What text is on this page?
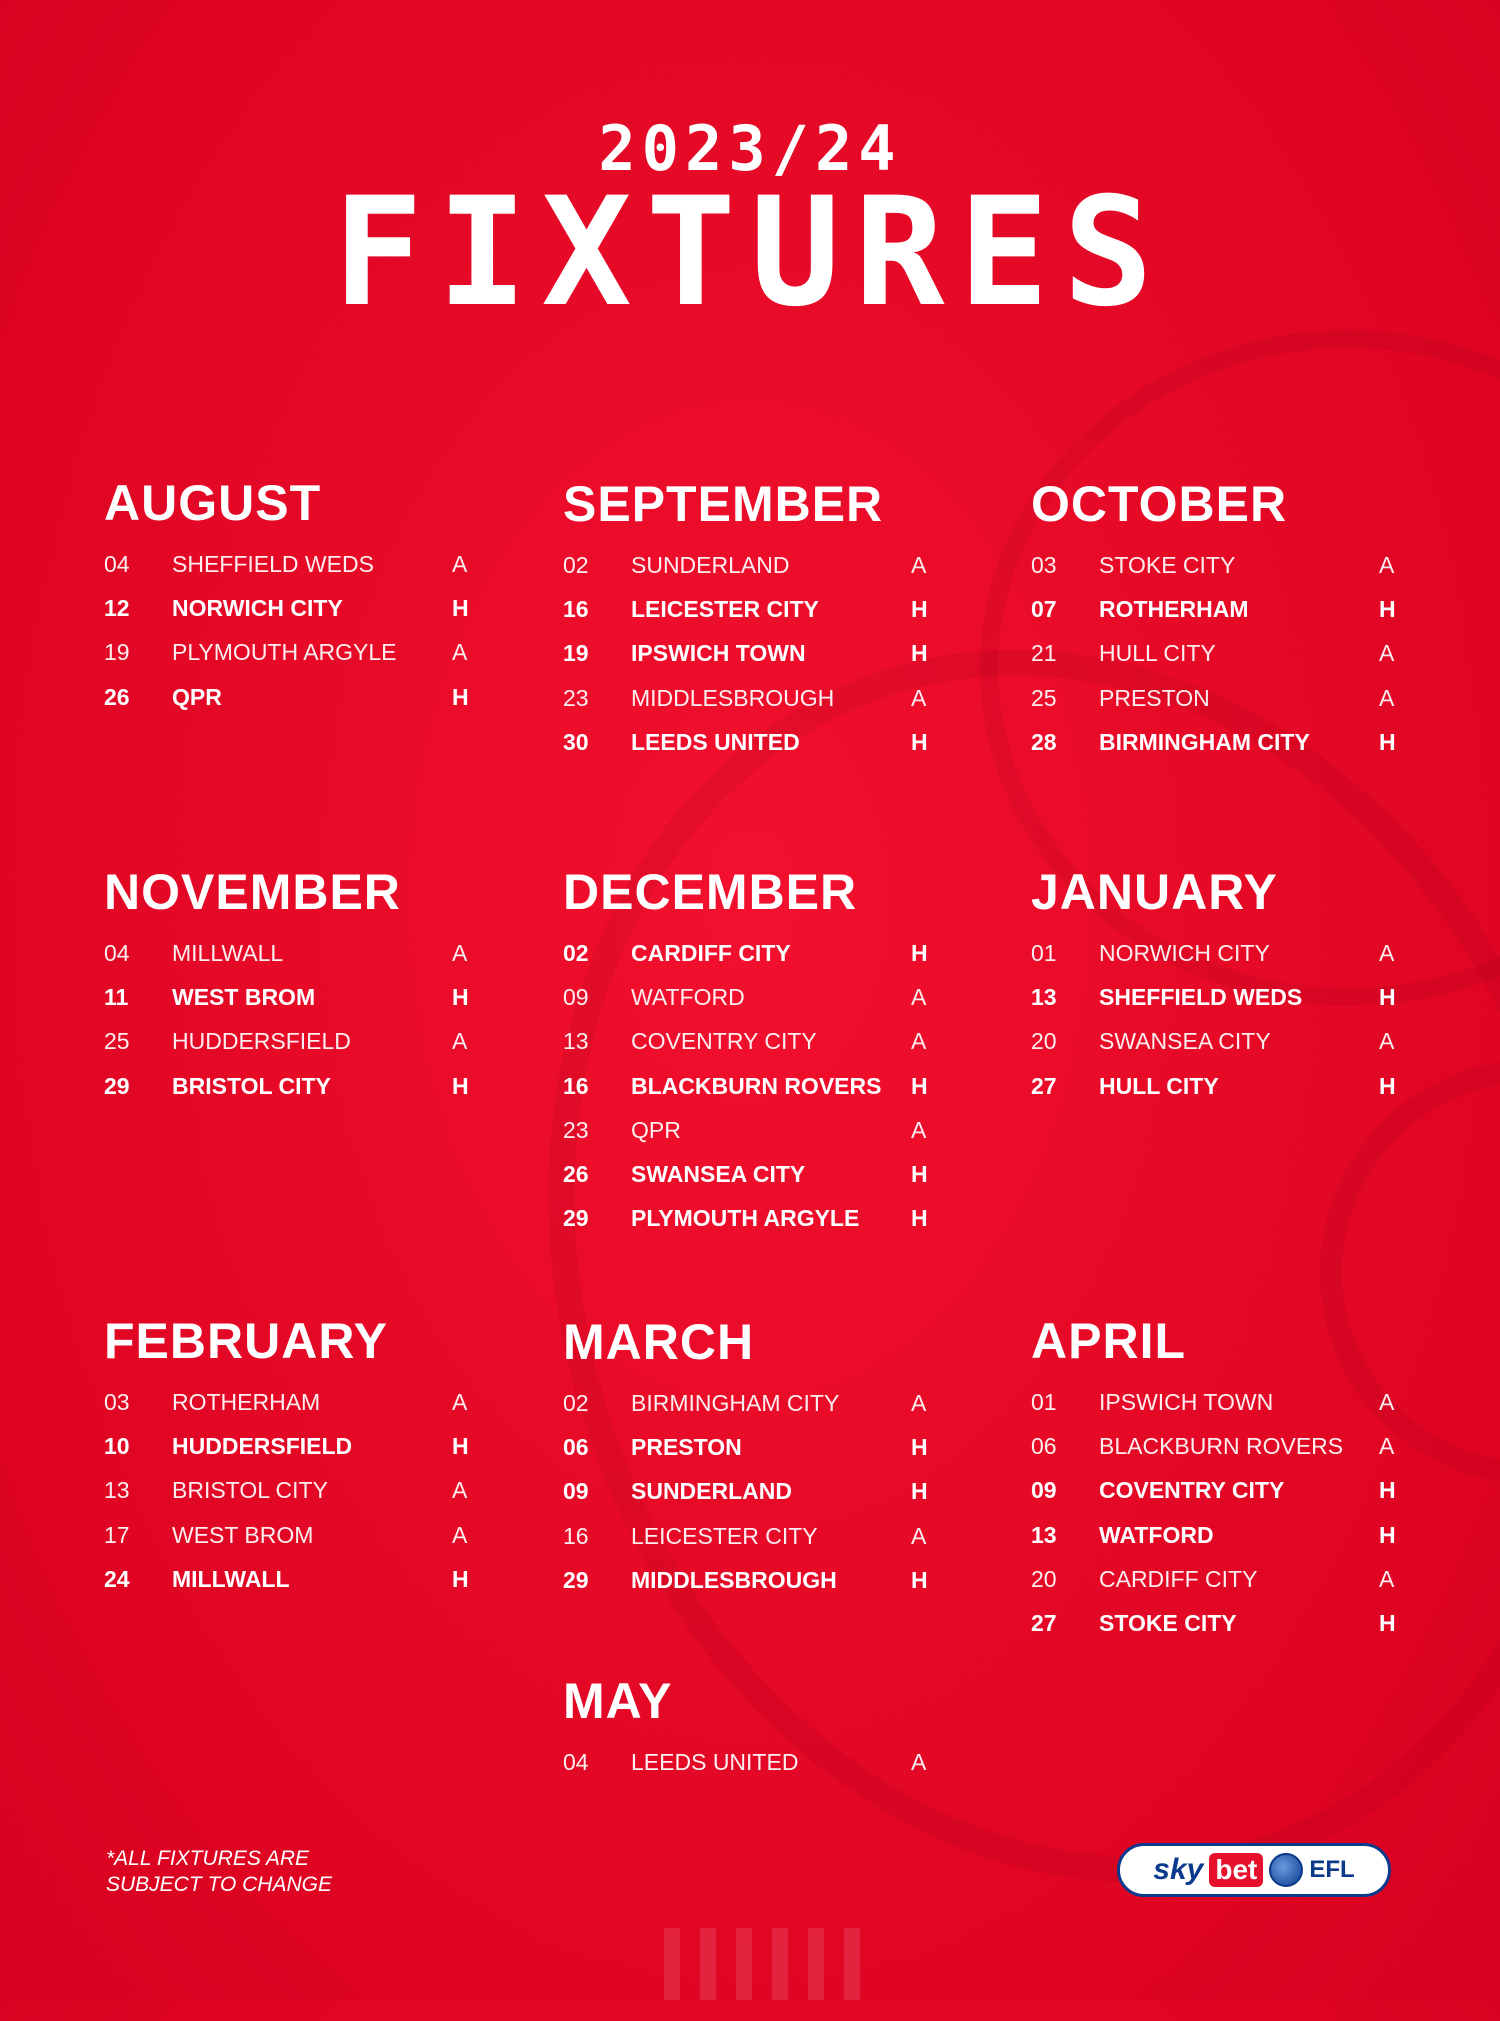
2023/24
FIXTURES
AUGUST
04	SHEFFIELD WEDS	A
12	NORWICH CITY	H
19	PLYMOUTH ARGYLE	A
26	QPR	H
SEPTEMBER
02	SUNDERLAND	A
16	LEICESTER CITY	H
19	IPSWICH TOWN	H
23	MIDDLESBROUGH	A
30	LEEDS UNITED	H
OCTOBER
03	STOKE CITY	A
07	ROTHERHAM	H
21	HULL CITY	A
25	PRESTON	A
28	BIRMINGHAM CITY	H
NOVEMBER
04	MILLWALL	A
11	WEST BROM	H
25	HUDDERSFIELD	A
29	BRISTOL CITY	H
DECEMBER
02	CARDIFF CITY	H
09	WATFORD	A
13	COVENTRY CITY	A
16	BLACKBURN ROVERS	H
23	QPR	A
26	SWANSEA CITY	H
29	PLYMOUTH ARGYLE	H
JANUARY
01	NORWICH CITY	A
13	SHEFFIELD WEDS	H
20	SWANSEA CITY	A
27	HULL CITY	H
FEBRUARY
03	ROTHERHAM	A
10	HUDDERSFIELD	H
13	BRISTOL CITY	A
17	WEST BROM	A
24	MILLWALL	H
MARCH
02	BIRMINGHAM CITY	A
06	PRESTON	H
09	SUNDERLAND	H
16	LEICESTER CITY	A
29	MIDDLESBROUGH	H
APRIL
01	IPSWICH TOWN	A
06	BLACKBURN ROVERS	A
09	COVENTRY CITY	H
13	WATFORD	H
20	CARDIFF CITY	A
27	STOKE CITY	H
MAY
04	LEEDS UNITED	A
*ALL FIXTURES ARE
SUBJECT TO CHANGE	sky bet EFL
